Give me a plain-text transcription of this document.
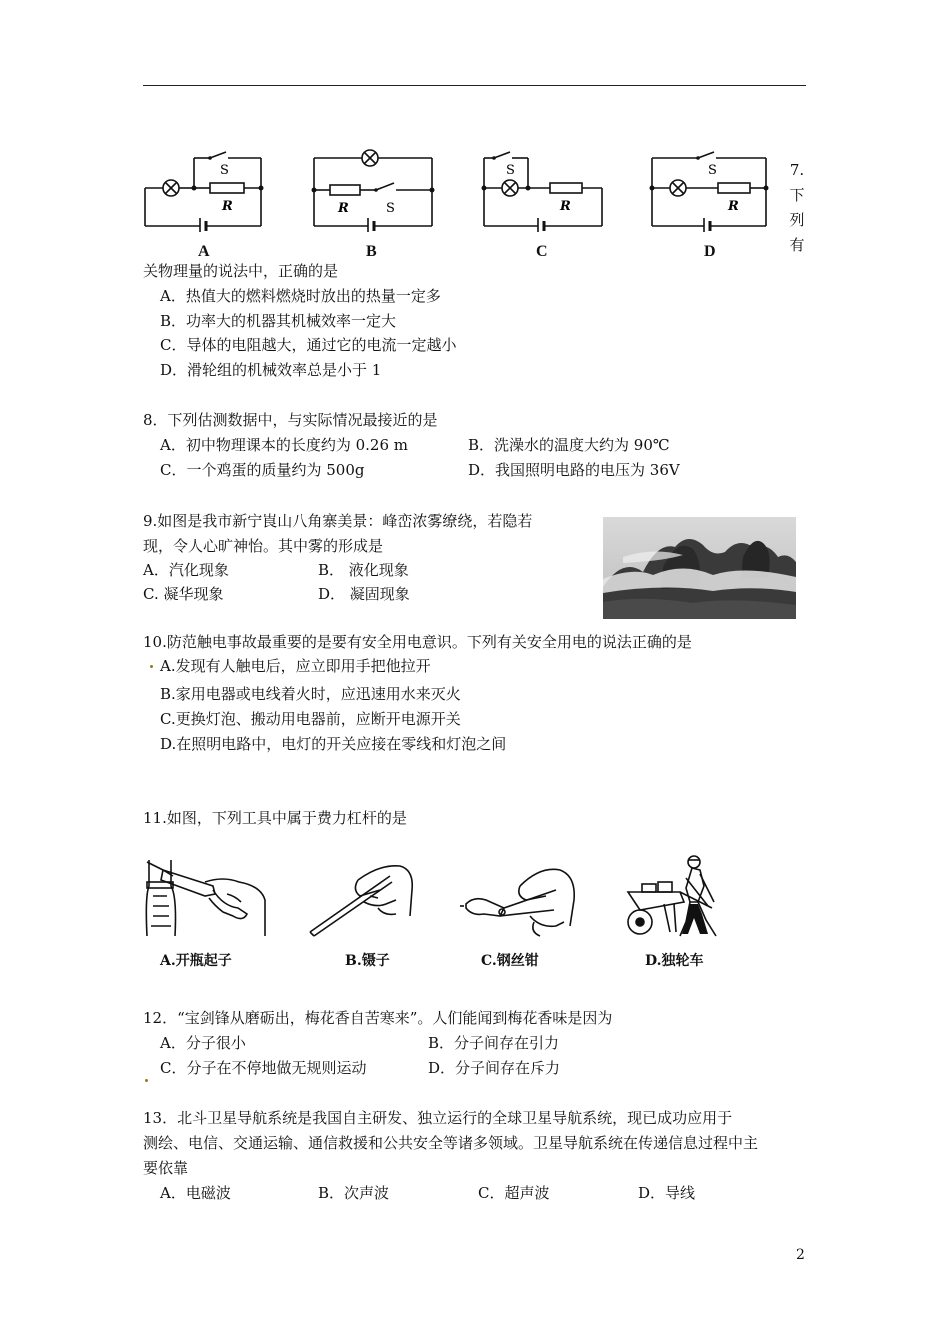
S
R
A
R	S
B
S
R
C
S
R
D
7.
下
列
有
关物理量的说法中，正确的是
A．热值大的燃料燃烧时放出的热量一定多
B．功率大的机器其机械效率一定大
C．导体的电阻越大，通过它的电流一定越小
D．滑轮组的机械效率总是小于 1
8．下列估测数据中，与实际情况最接近的是
A．初中物理课本的长度约为 0.26 m	B．洗澡水的温度大约为 90℃
C．一个鸡蛋的质量约为 500g	D．我国照明电路的电压为 36V
9.如图是我市新宁崀山八角寨美景：峰峦浓雾缭绕，若隐若
现，令人心旷神怡。其中雾的形成是
A．汽化现象	B． 液化现象
C. 凝华现象	D． 凝固现象
10.防范触电事故最重要的是要有安全用电意识。下列有关安全用电的说法正确的是
A.发现有人触电后，应立即用手把他拉开
B.家用电器或电线着火时，应迅速用水来灭火
C.更换灯泡、搬动用电器前，应断开电源开关
D.在照明电路中，电灯的开关应接在零线和灯泡之间
11.如图，下列工具中属于费力杠杆的是
A.开瓶起子	B.镊子	C.钢丝钳	D.独轮车
12．“宝剑锋从磨砺出，梅花香自苦寒来”。人们能闻到梅花香味是因为
A．分子很小	B．分子间存在引力
C．分子在不停地做无规则运动	D．分子间存在斥力
13．北斗卫星导航系统是我国自主研发、独立运行的全球卫星导航系统，现已成功应用于
测绘、电信、交通运输、通信救援和公共安全等诸多领域。卫星导航系统在传递信息过程中主
要依靠
A．电磁波	B．次声波	C．超声波	D．导线
2
